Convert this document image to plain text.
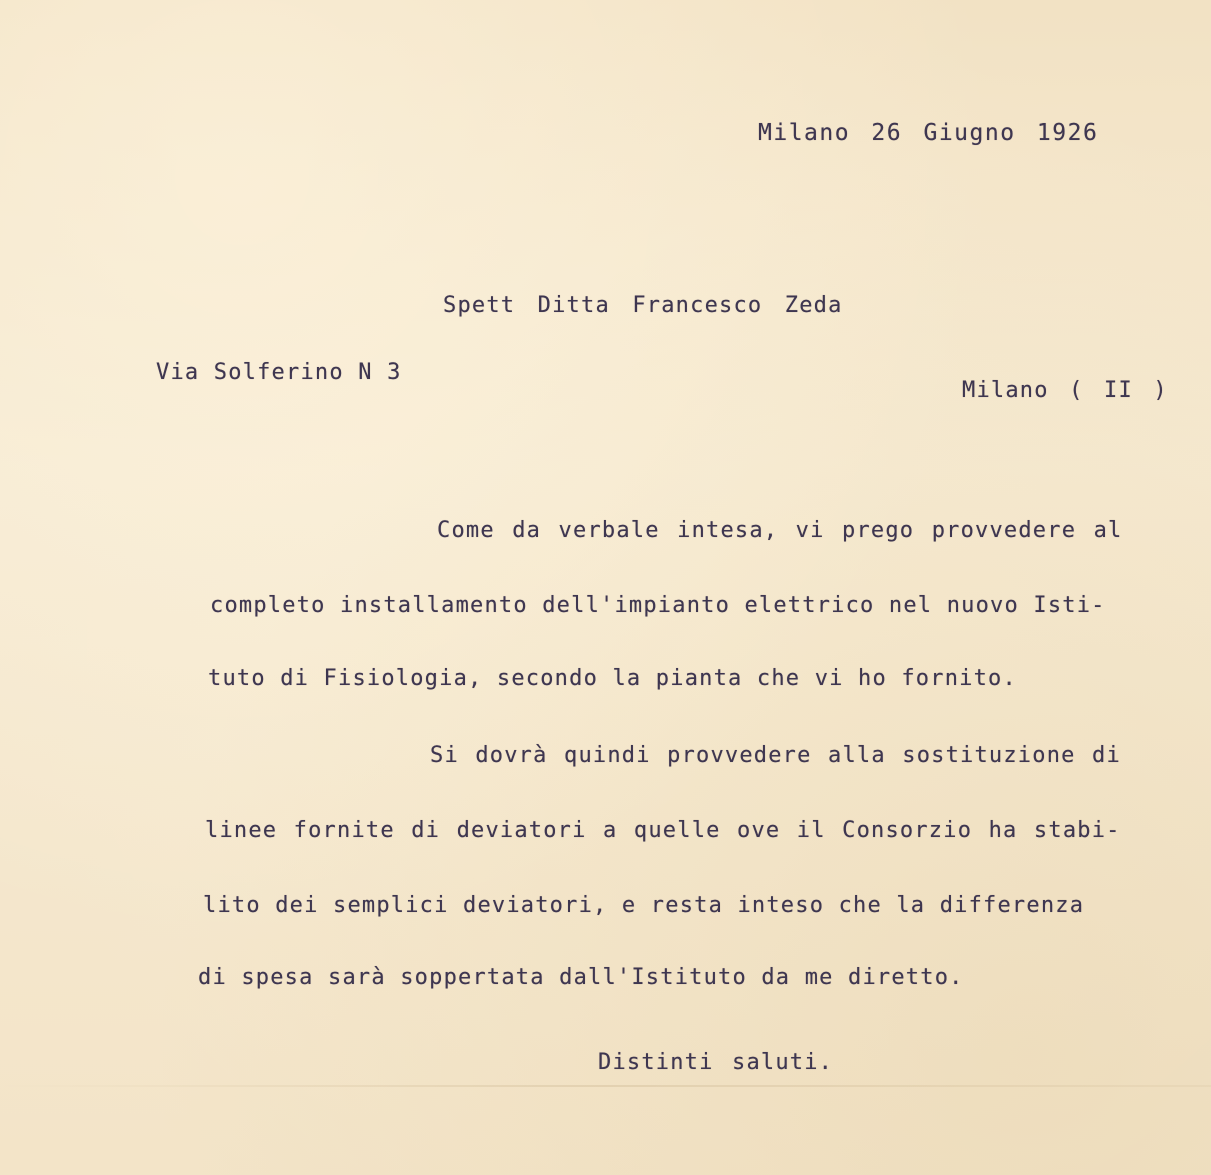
Milano 26 Giugno 1926
Spett Ditta Francesco Zeda
Via Solferino N 3
Milano ( II )
Come da verbale intesa, vi prego provvedere al
completo installamento dell'impianto elettrico nel nuovo Isti-
tuto di Fisiologia, secondo la pianta che vi ho fornito.
Si dovrà quindi provvedere alla sostituzione di
linee fornite di deviatori a quelle ove il Consorzio ha stabi-
lito dei semplici deviatori, e resta inteso che la differenza
di spesa sarà soppertata dall'Istituto da me diretto.
Distinti saluti.
